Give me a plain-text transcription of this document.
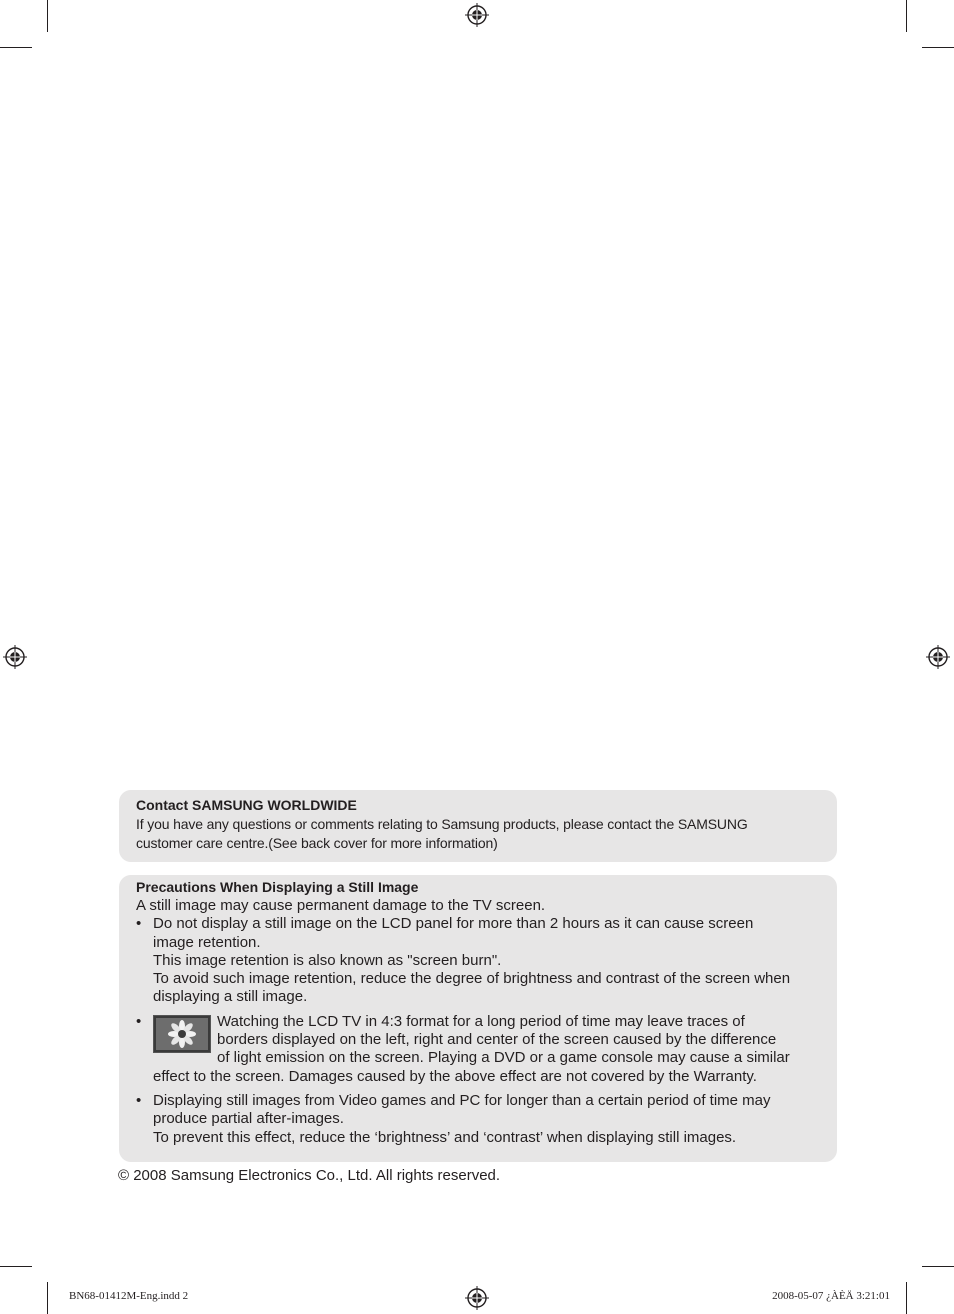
Contact SAMSUNG WORLDWIDE
If you have any questions or comments relating to Samsung products, please contact the SAMSUNG
customer care centre.(See back cover for more information)
Precautions When Displaying a Still Image
A still image may cause permanent damage to the TV screen.
• Do not display a still image on the LCD panel for more than 2 hours as it can cause screen
image retention.
This image retention is also known as "screen burn".
To avoid such image retention, reduce the degree of brightness and contrast of the screen when
displaying a still image.
•	Watching the LCD TV in 4:3 format for a long period of time may leave traces of
borders displayed on the left, right and center of the screen caused by the difference
of light emission on the screen. Playing a DVD or a game console may cause a similar
effect to the screen. Damages caused by the above effect are not covered by the Warranty.
• Displaying still images from Video games and PC for longer than a certain period of time may
produce partial after-images.
To prevent this effect, reduce the ‘brightness’ and ‘contrast’ when displaying still images.
© 2008 Samsung Electronics Co., Ltd. All rights reserved.
BN68-01412M-Eng.indd 2	2008-05-07 ¿ÀÈÄ 3:21:01
